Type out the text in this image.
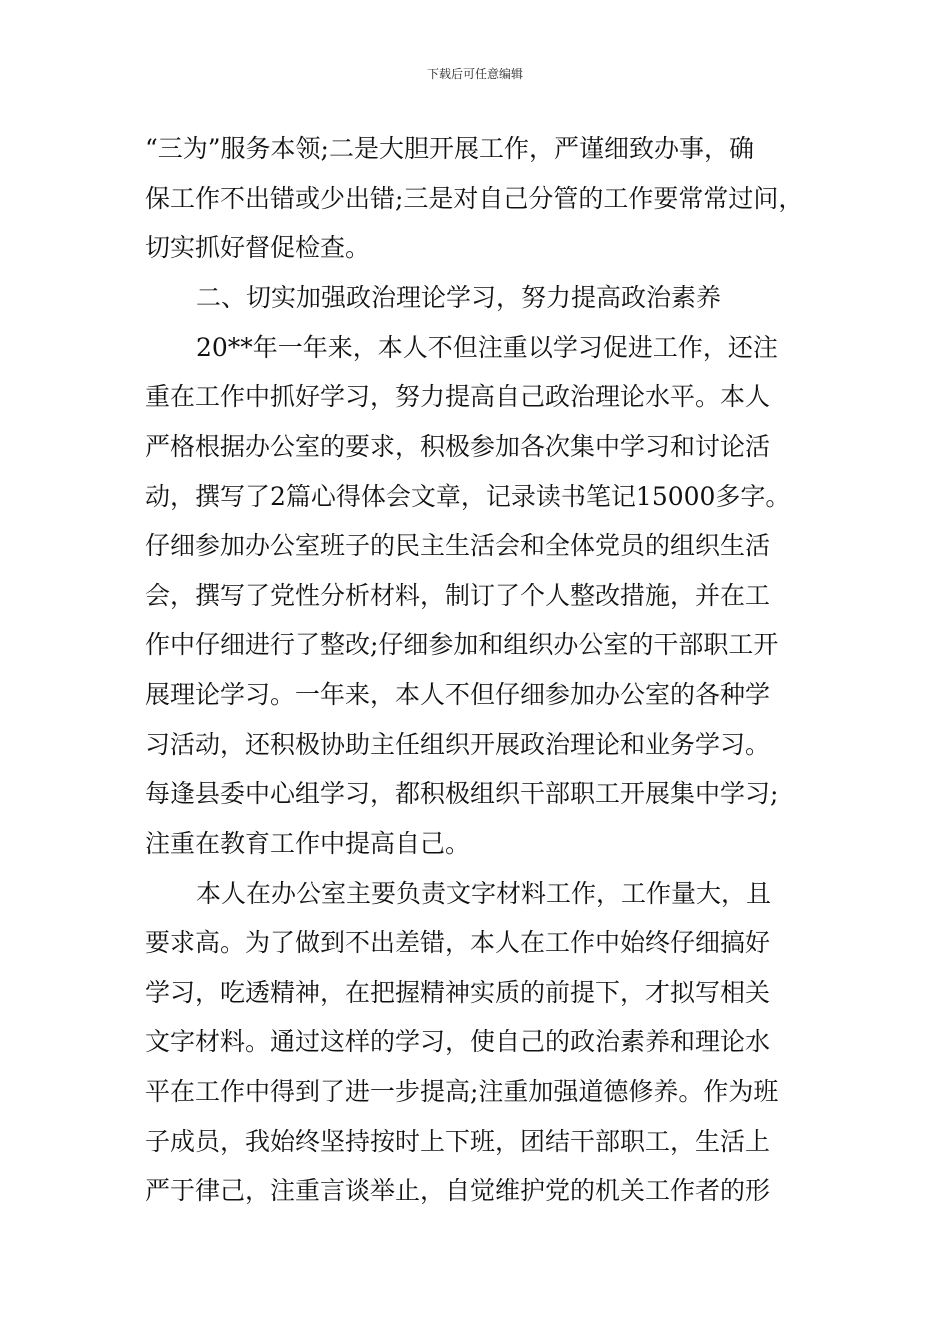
下载后可任意编辑
“三为”服务本领;二是大胆开展工作，严谨细致办事，确
保工作不出错或少出错;三是对自己分管的工作要常常过问，
切实抓好督促检查。
二、切实加强政治理论学习，努力提高政治素养
20**年一年来，本人不但注重以学习促进工作，还注
重在工作中抓好学习，努力提高自己政治理论水平。本人
严格根据办公室的要求，积极参加各次集中学习和讨论活
动，撰写了2篇心得体会文章，记录读书笔记15000多字。
仔细参加办公室班子的民主生活会和全体党员的组织生活
会，撰写了党性分析材料，制订了个人整改措施，并在工
作中仔细进行了整改;仔细参加和组织办公室的干部职工开
展理论学习。一年来，本人不但仔细参加办公室的各种学
习活动，还积极协助主任组织开展政治理论和业务学习。
每逢县委中心组学习，都积极组织干部职工开展集中学习;
注重在教育工作中提高自己。
本人在办公室主要负责文字材料工作，工作量大，且
要求高。为了做到不出差错，本人在工作中始终仔细搞好
学习，吃透精神，在把握精神实质的前提下，才拟写相关
文字材料。通过这样的学习，使自己的政治素养和理论水
平在工作中得到了进一步提高;注重加强道德修养。作为班
子成员，我始终坚持按时上下班，团结干部职工，生活上
严于律己，注重言谈举止，自觉维护党的机关工作者的形
